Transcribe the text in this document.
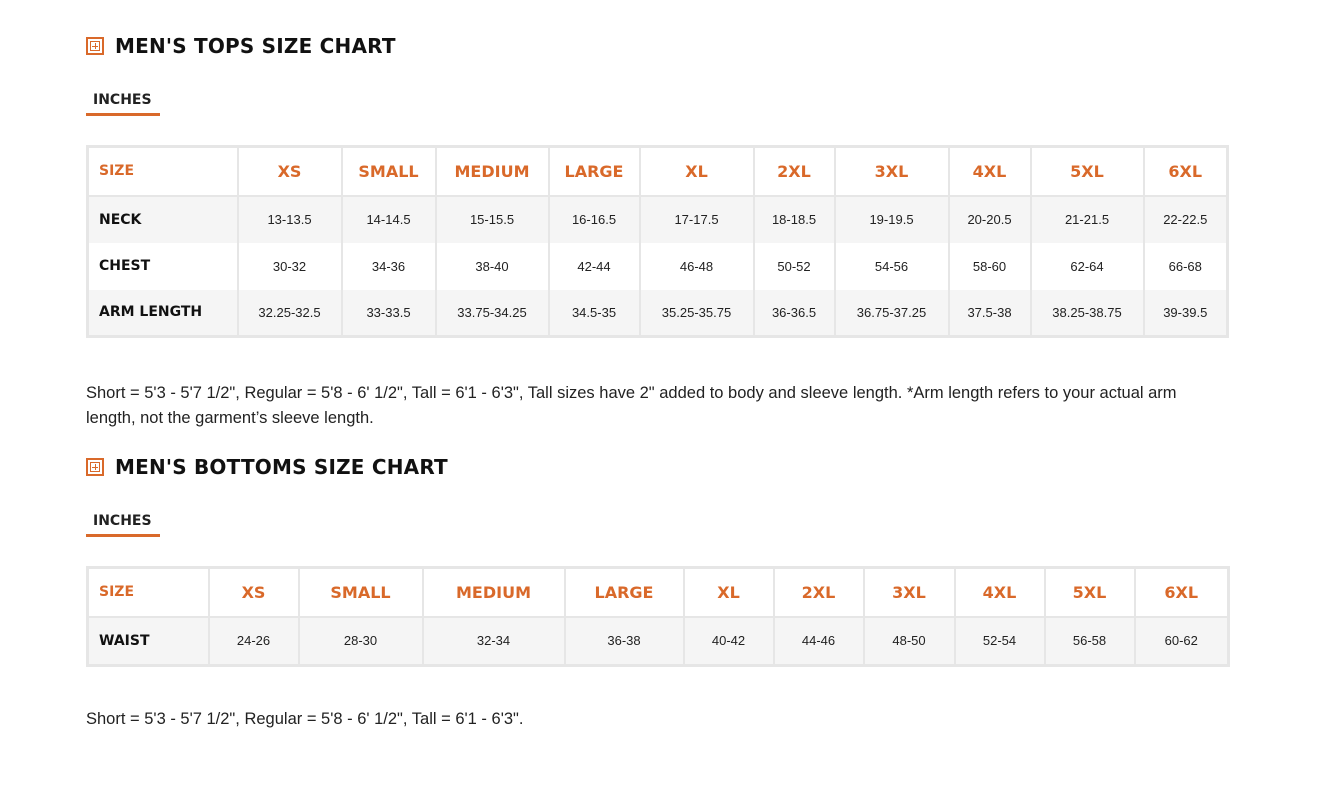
MEN'S TOPS SIZE CHART
INCHES
SIZE	XS	SMALL	MEDIUM	LARGE	XL	2XL	3XL	4XL	5XL	6XL
NECK	13-13.5	14-14.5	15-15.5	16-16.5	17-17.5	18-18.5	19-19.5	20-20.5	21-21.5	22-22.5
CHEST	30-32	34-36	38-40	42-44	46-48	50-52	54-56	58-60	62-64	66-68
ARM LENGTH	32.25-32.5	33-33.5	33.75-34.25	34.5-35	35.25-35.75	36-36.5	36.75-37.25	37.5-38	38.25-38.75	39-39.5
Short = 5'3 - 5'7 1/2", Regular = 5'8 - 6' 1/2", Tall = 6'1 - 6'3", Tall sizes have 2" added to body and sleeve length. *Arm length refers to your actual arm length, not the garment’s sleeve length.
MEN'S BOTTOMS SIZE CHART
INCHES
SIZE	XS	SMALL	MEDIUM	LARGE	XL	2XL	3XL	4XL	5XL	6XL
WAIST	24-26	28-30	32-34	36-38	40-42	44-46	48-50	52-54	56-58	60-62
Short = 5'3 - 5'7 1/2", Regular = 5'8 - 6' 1/2", Tall = 6'1 - 6'3".
